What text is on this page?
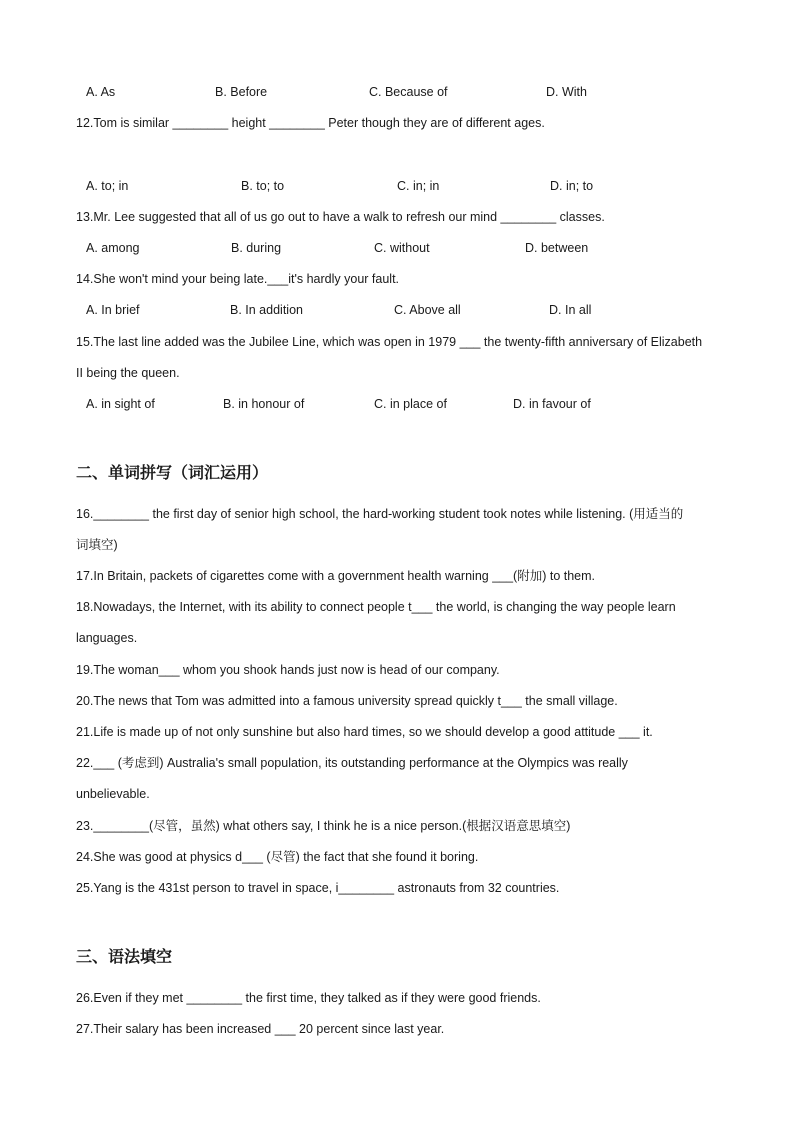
A. As	B. Before	C. Because of	D. With
12.Tom is similar ________ height ________ Peter though they are of different ages.
A. to; in	B. to; to	C. in; in	D. in; to
13.Mr. Lee suggested that all of us go out to have a walk to refresh our mind ________ classes.
A. among	B. during	C. without	D. between
14.She won't mind your being late.___it's hardly your fault.
A. In brief	B. In addition	C. Above all	D. In all
15.The last line added was the Jubilee Line, which was open in 1979 ___ the twenty-fifth anniversary of Elizabeth
II being the queen.
A. in sight of	B. in honour of	C. in place of	D. in favour of
二、单词拼写（词汇运用）
16.________ the first day of senior high school, the hard-working student took notes while listening. (用适当的
词填空)
17.In Britain, packets of cigarettes come with a government health warning ___(附加) to them.
18.Nowadays, the Internet, with its ability to connect people t___ the world, is changing the way people learn
languages.
19.The woman___ whom you shook hands just now is head of our company.
20.The news that Tom was admitted into a famous university spread quickly t___ the small village.
21.Life is made up of not only sunshine but also hard times, so we should develop a good attitude ___ it.
22.___ (考虑到) Australia's small population, its outstanding performance at the Olympics was really
unbelievable.
23.________(尽管，虽然) what others say, I think he is a nice person.(根据汉语意思填空)
24.She was good at physics d___ (尽管) the fact that she found it boring.
25.Yang is the 431st person to travel in space, i________ astronauts from 32 countries.
三、语法填空
26.Even if they met ________ the first time, they talked as if they were good friends.
27.Their salary has been increased ___ 20 percent since last year.
